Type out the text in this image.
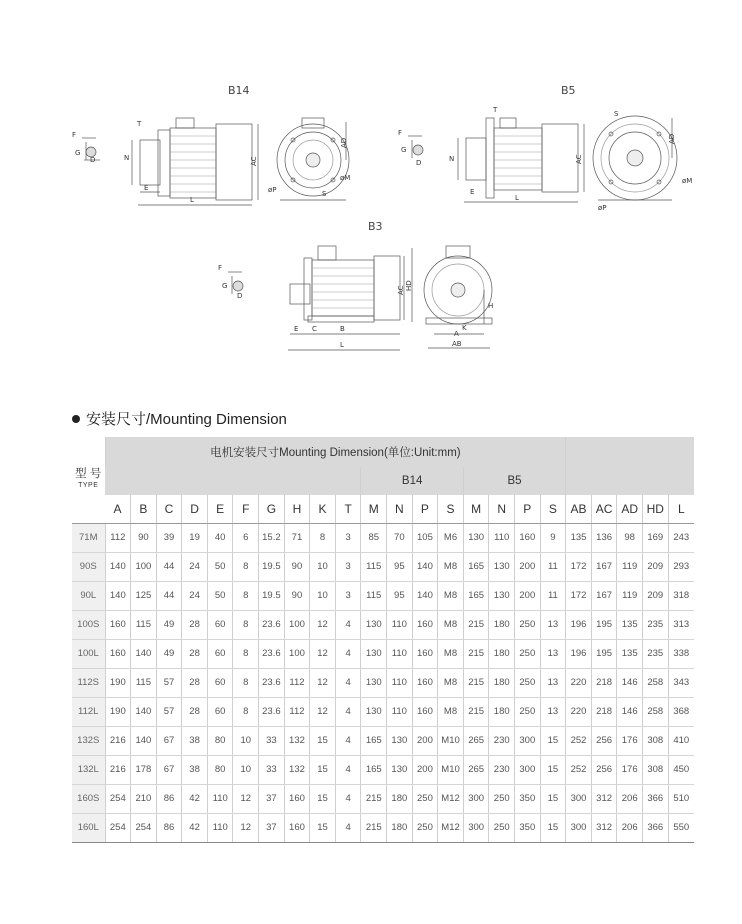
B14	B5
B3
F
G
D
T
N
E
L
AC
AD
øP
øM
S
F
G
D
T
N
E
L
AC
AD
S
øP
øM
F
G
D
E C	B
L
AC HD
H
K
A
AB
安装尺寸/Mounting Dimension
型 号
TYPE	电机安装尺寸Mounting Dimension(单位:Unit:mm)																						
											B14				B5								
	A	B	C	D	E	F	G	H	K	T	M	N	P	S	M	N	P	S	AB	AC	AD	HD	L
71M	112	90	39	19	40	6	15.2	71	8	3	85	70	105	M6	130	110	160	9	135	136	98	169	243
90S	140	100	44	24	50	8	19.5	90	10	3	115	95	140	M8	165	130	200	11	172	167	119	209	293
90L	140	125	44	24	50	8	19.5	90	10	3	115	95	140	M8	165	130	200	11	172	167	119	209	318
100S	160	115	49	28	60	8	23.6	100	12	4	130	110	160	M8	215	180	250	13	196	195	135	235	313
100L	160	140	49	28	60	8	23.6	100	12	4	130	110	160	M8	215	180	250	13	196	195	135	235	338
112S	190	115	57	28	60	8	23.6	112	12	4	130	110	160	M8	215	180	250	13	220	218	146	258	343
112L	190	140	57	28	60	8	23.6	112	12	4	130	110	160	M8	215	180	250	13	220	218	146	258	368
132S	216	140	67	38	80	10	33	132	15	4	165	130	200	M10	265	230	300	15	252	256	176	308	410
132L	216	178	67	38	80	10	33	132	15	4	165	130	200	M10	265	230	300	15	252	256	176	308	450
160S	254	210	86	42	110	12	37	160	15	4	215	180	250	M12	300	250	350	15	300	312	206	366	510
160L	254	254	86	42	110	12	37	160	15	4	215	180	250	M12	300	250	350	15	300	312	206	366	550
